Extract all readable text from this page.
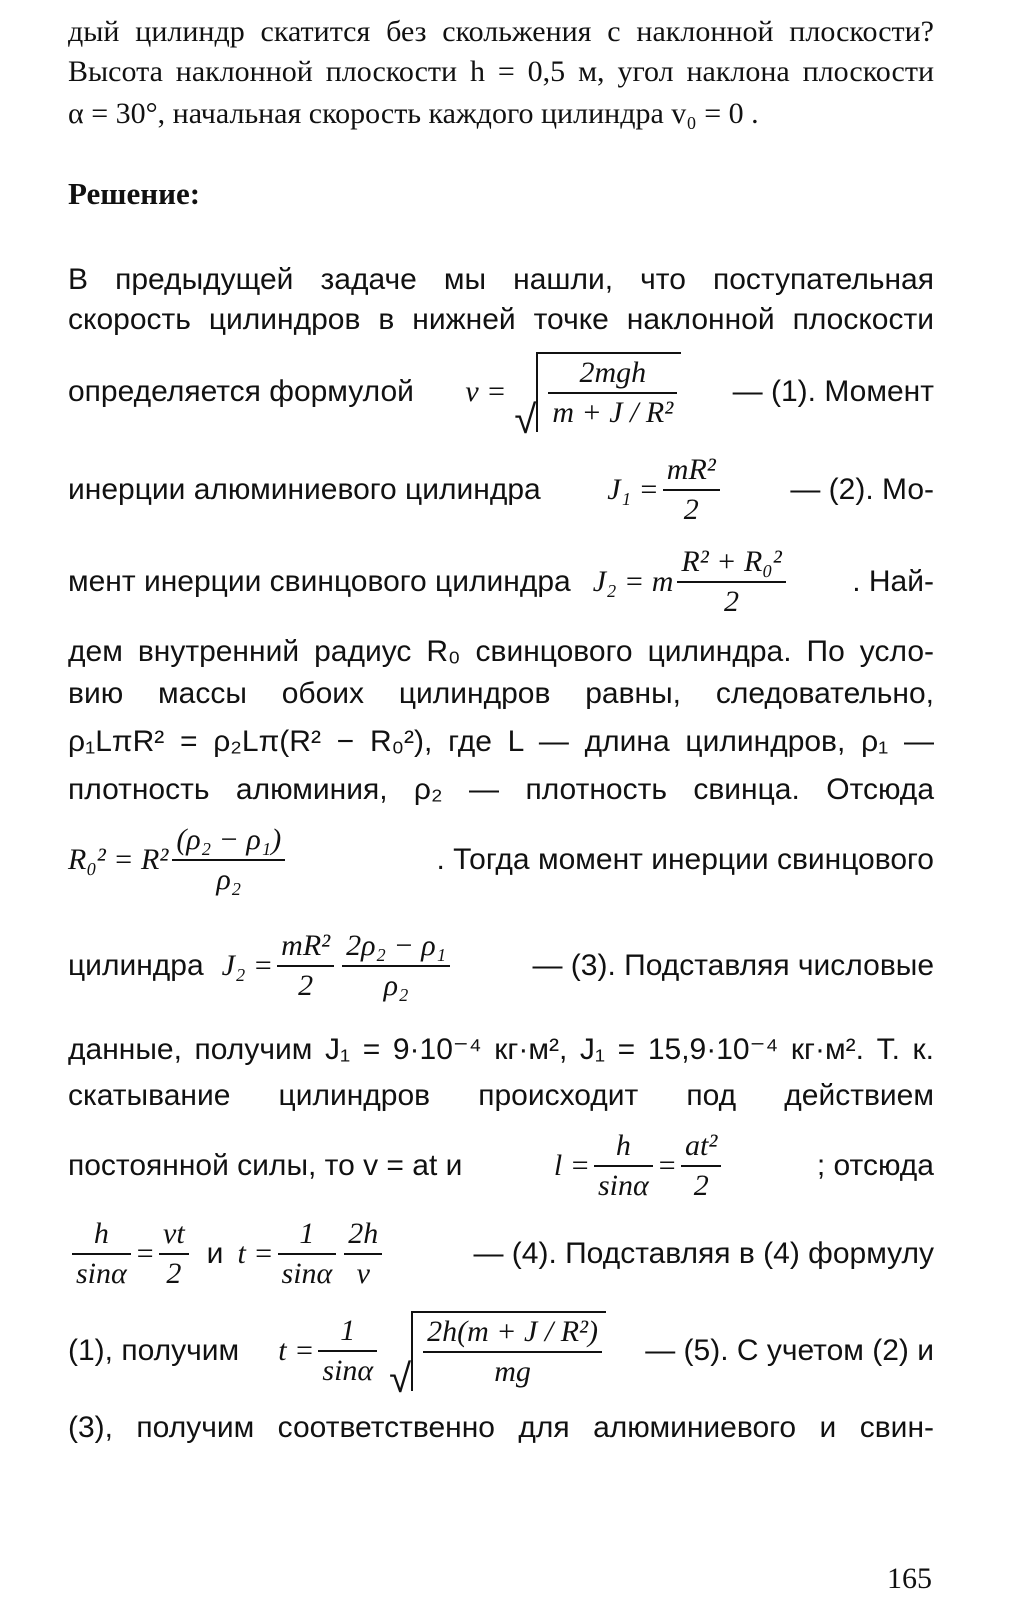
дый цилиндр скатится без скольжения с наклонной плоскости?
Высота наклонной плоскости h = 0,5 м, угол наклона плоскости
α = 30°, начальная скорость каждого цилиндра v₀ = 0 .
Решение:
В предыдущей задаче мы нашли, что поступательная
скорость цилиндров в нижней точке наклонной плоскости
определяется формулой v = √ $\frac{\text{2mgh}}{\text{m + J / R²}}$ — (1). Момент
инерции алюминиевого цилиндра $J_1 = \frac{\text{mR²}}{2}$ — (2). Мо-
мент инерции свинцового цилиндра J₂ = m $\frac{\text{R² + R₀²}}{2}$ . Най-
дем внутренний радиус R₀ свинцового цилиндра. По усло-
вию массы обоих цилиндров равны, следовательно,
ρ₁LπR² = ρ₂Lπ(R² − R₀²), где L — длина цилиндров, ρ₁ —
плотность алюминия, ρ₂ — плотность свинца. Отсюда
$R_0^2 = R^2 \frac{\text{(ρ₂ − ρ₁)}}{\text{ρ₂}}$	. Тогда момент инерции свинцового
цилиндра $J_2 = \frac{\text{mR²}}{2} \frac{\text{2ρ₂ − ρ₁}}{\text{ρ₂}}$	— (3). Подставляя числовые
данные, получим J₁ = 9·10⁻⁴ кг·м², J₁ = 15,9·10⁻⁴ кг·м². Т. к.
скатывание цилиндров происходит под действием
постоянной силы, то v = at и	$l = \frac{h}{\sin\alpha} = \frac{\text{at²}}{2}$	; отсюда
$\frac{h}{\sin\alpha} = \frac{vt}{2}$ и $t = \frac{1}{\sin\alpha} \frac{2h}{v}$	— (4). Подставляя в (4) формулу
(1), получим $t = \frac{1}{\sin\alpha}$ √ $\frac{\text{2h(m + J / R²)}}{mg}$ — (5). С учетом (2) и
(3), получим соответственно для алюминиевого и свин-
165
